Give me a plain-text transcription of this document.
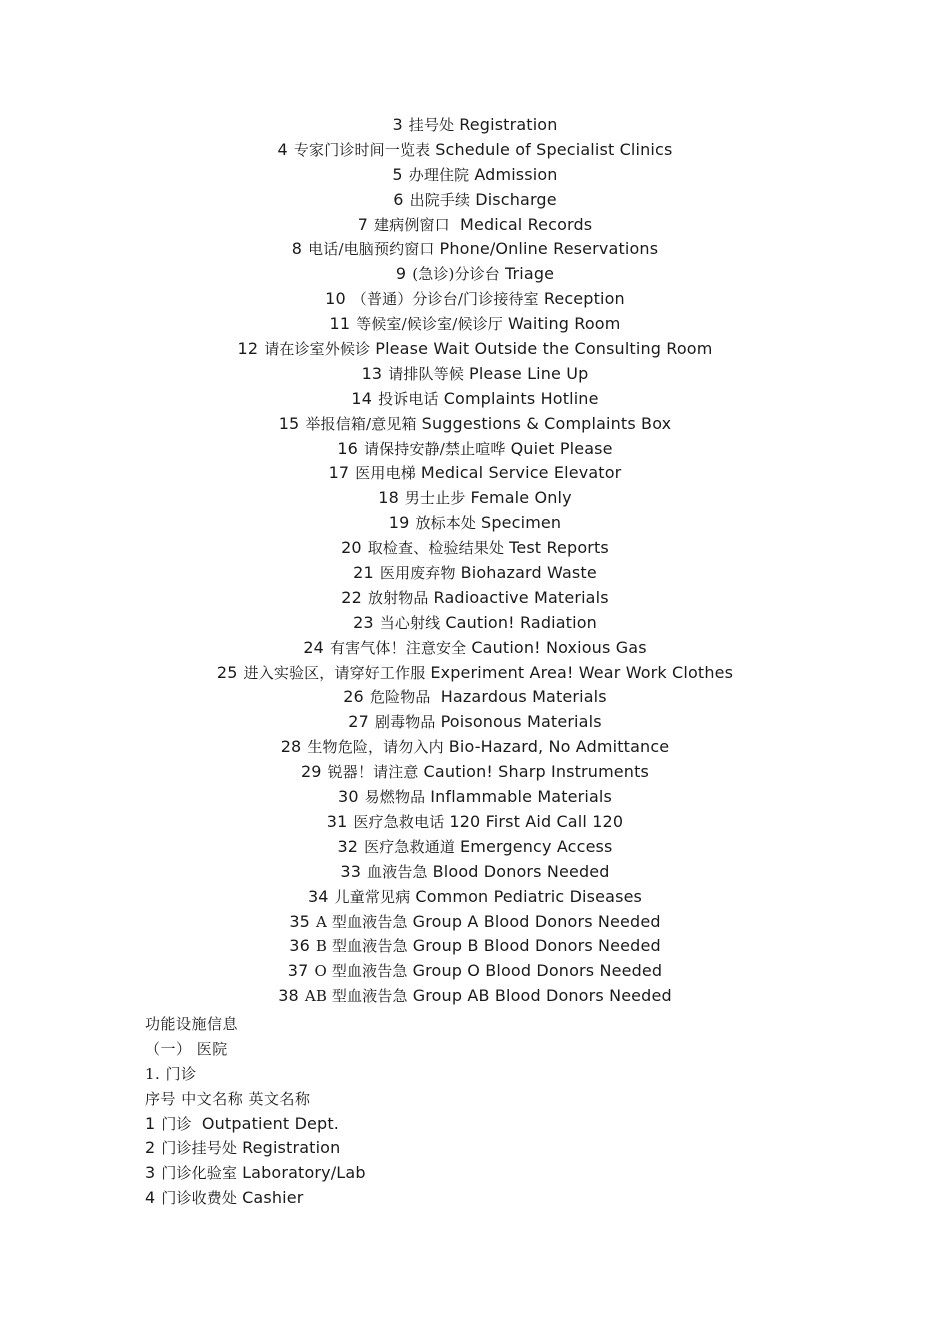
3 挂号处 Registration
4 专家门诊时间一览表 Schedule of Specialist Clinics
5 办理住院 Admission
6 出院手续 Discharge
7 建病例窗口 Medical Records
8 电话/电脑预约窗口 Phone/Online Reservations
9 (急诊)分诊台 Triage
10 （普通）分诊台/门诊接待室 Reception
11 等候室/候诊室/候诊厅 Waiting Room
12 请在诊室外候诊 Please Wait Outside the Consulting Room
13 请排队等候 Please Line Up
14 投诉电话 Complaints Hotline
15 举报信箱/意见箱 Suggestions & Complaints Box
16 请保持安静/禁止喧哗 Quiet Please
17 医用电梯 Medical Service Elevator
18 男士止步 Female Only
19 放标本处 Specimen
20 取检查、检验结果处 Test Reports
21 医用废弃物 Biohazard Waste
22 放射物品 Radioactive Materials
23 当心射线 Caution! Radiation
24 有害气体！注意安全 Caution! Noxious Gas
25 进入实验区，请穿好工作服 Experiment Area! Wear Work Clothes
26 危险物品 Hazardous Materials
27 剧毒物品 Poisonous Materials
28 生物危险，请勿入内 Bio-Hazard, No Admittance
29 锐器！请注意 Caution! Sharp Instruments
30 易燃物品 Inflammable Materials
31 医疗急救电话 120 First Aid Call 120
32 医疗急救通道 Emergency Access
33 血液告急 Blood Donors Needed
34 儿童常见病 Common Pediatric Diseases
35 A 型血液告急 Group A Blood Donors Needed
36 B 型血液告急 Group B Blood Donors Needed
37 O 型血液告急 Group O Blood Donors Needed
38 AB 型血液告急 Group AB Blood Donors Needed
功能设施信息
（一） 医院
1. 门诊
序号 中文名称 英文名称
1 门诊 Outpatient Dept.
2 门诊挂号处 Registration
3 门诊化验室 Laboratory/Lab
4 门诊收费处 Cashier
